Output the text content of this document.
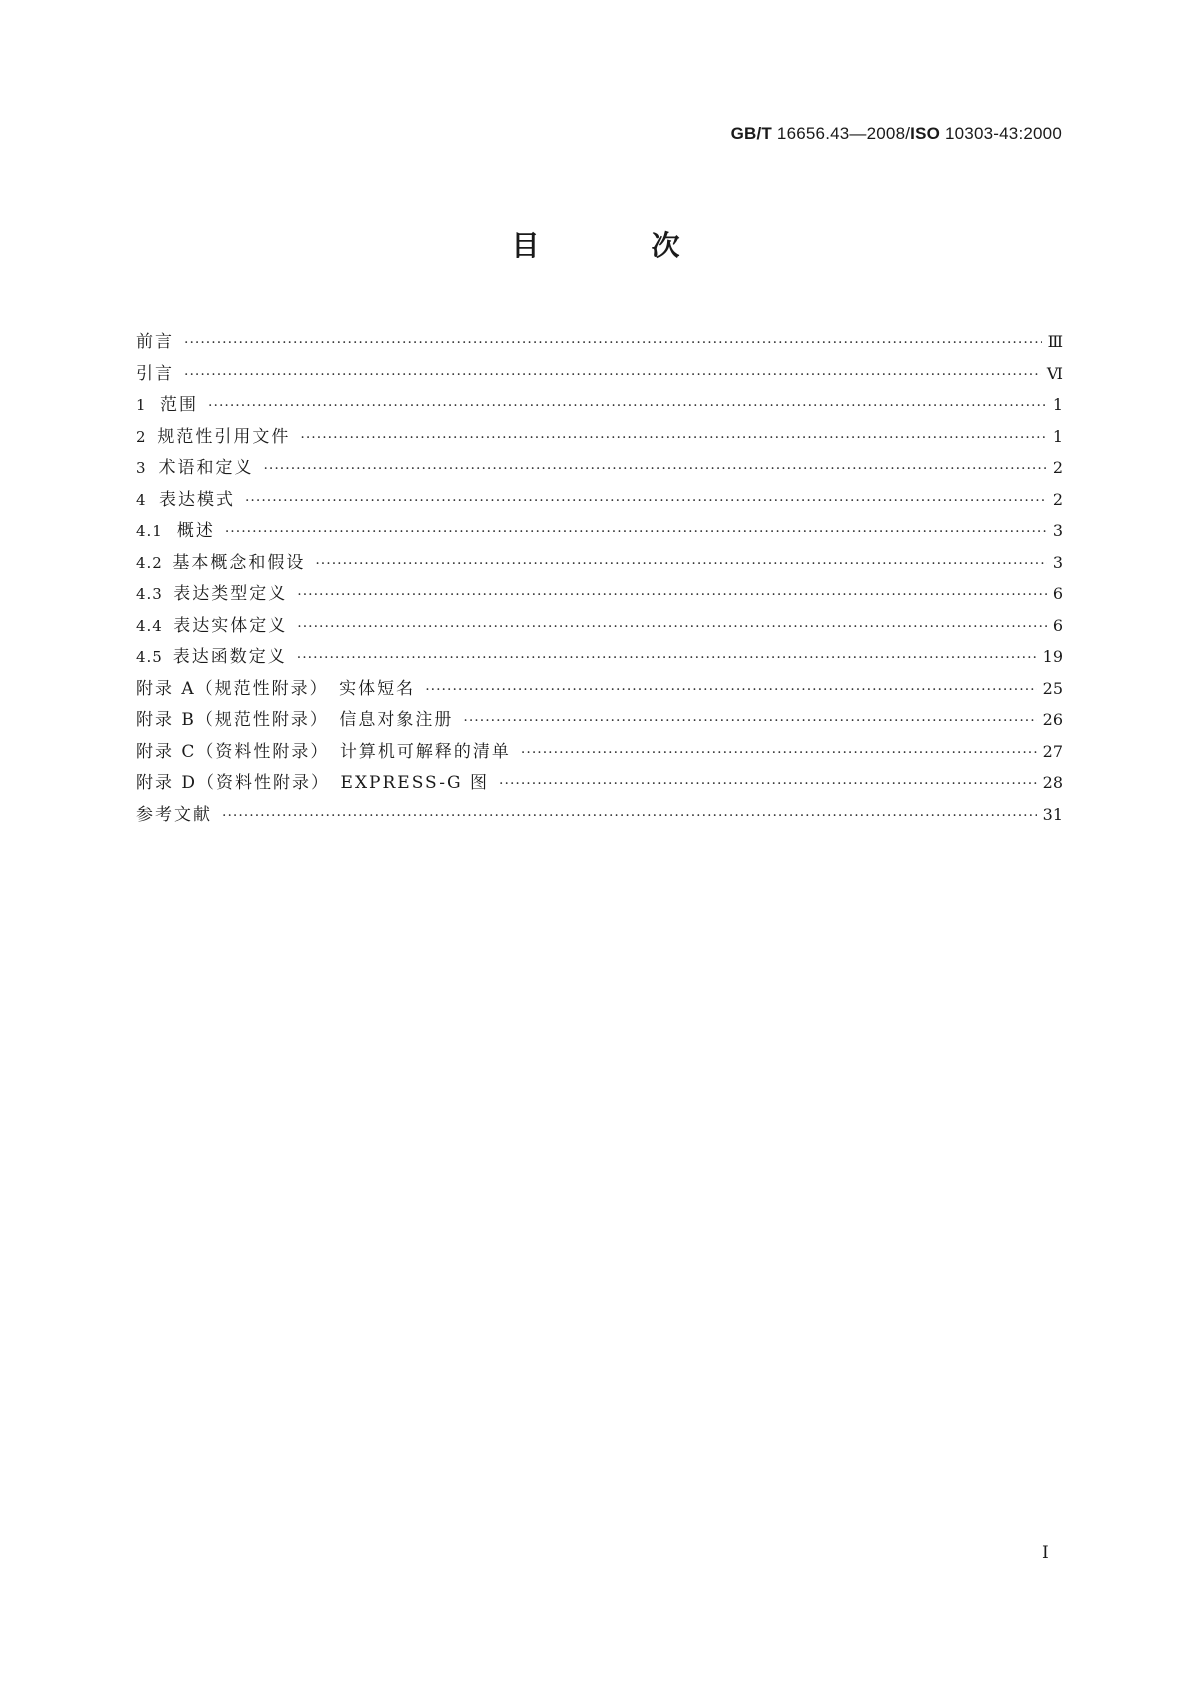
GB/T 16656.43—2008/ISO 10303-43:2000
目　次
前言 ·····	Ⅲ
引言 ·····	Ⅵ
1 范围 ·····	1
2 规范性引用文件 ·····	1
3 术语和定义 ·····	2
4 表达模式 ·····	2
4.1 概述 ·····	3
4.2 基本概念和假设 ·····	3
4.3 表达类型定义 ·····	6
4.4 表达实体定义 ·····	6
4.5 表达函数定义 ·····	19
附录 A（规范性附录）　实体短名 ·····	25
附录 B（规范性附录）　信息对象注册 ·····	26
附录 C（资料性附录）　计算机可解释的清单 ·····	27
附录 D（资料性附录）　EXPRESS-G 图 ·····	28
参考文献 ·····	31
I
